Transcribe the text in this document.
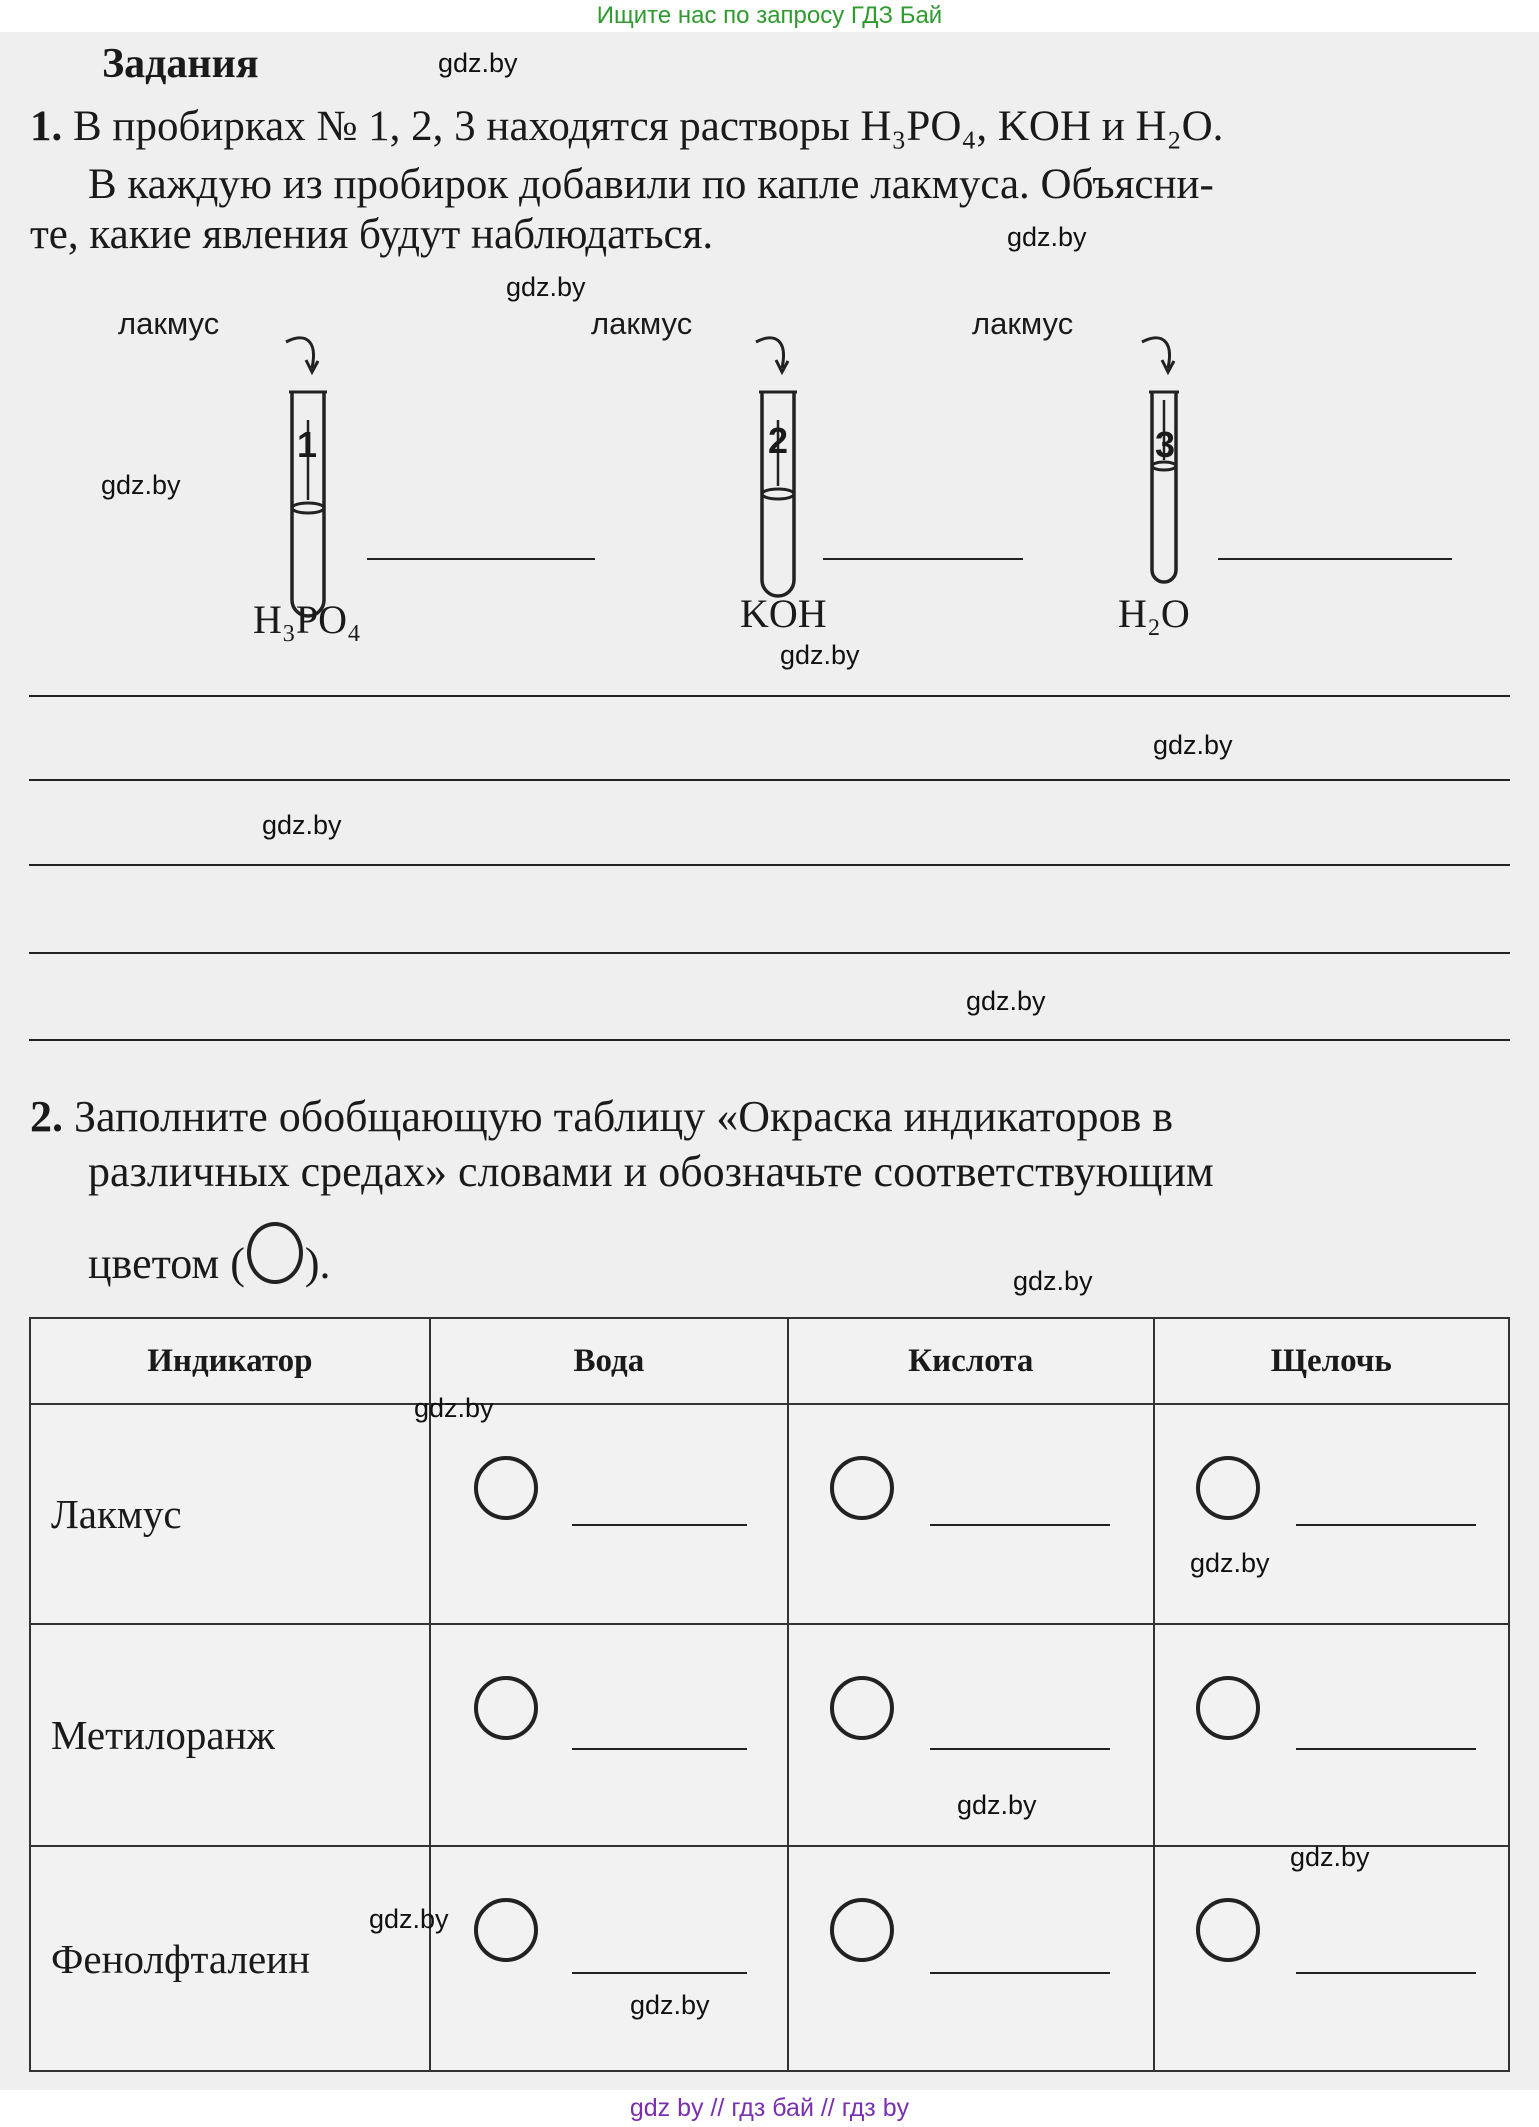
Ищите нас по запросу ГДЗ Бай
Задания
1. В пробирках № 1, 2, 3 находятся растворы H₃PO₄, KOH и H₂O.
В каждую из пробирок добавили по капле лакмуса. Объясни-
те, какие явления будут наблюдаться.
лакмус
1
H₃PO₄
лакмус
2
KOH
лакмус
3
H₂O
2. Заполните обобщающую таблицу «Окраска индикаторов в
различных средах» словами и обозначьте соответствующим
цветом ( ).
Индикатор	Вода	Кислота	Щелочь
Лакмус	

Метилоранж	

Фенолфталеин	

gdz.by
gdz.by
gdz.by
gdz.by
gdz.by
gdz.by
gdz.by
gdz.by
gdz.by
gdz.by
gdz.by
gdz.by
gdz.by
gdz.by
gdz.by
gdz by // гдз бай // гдз by
